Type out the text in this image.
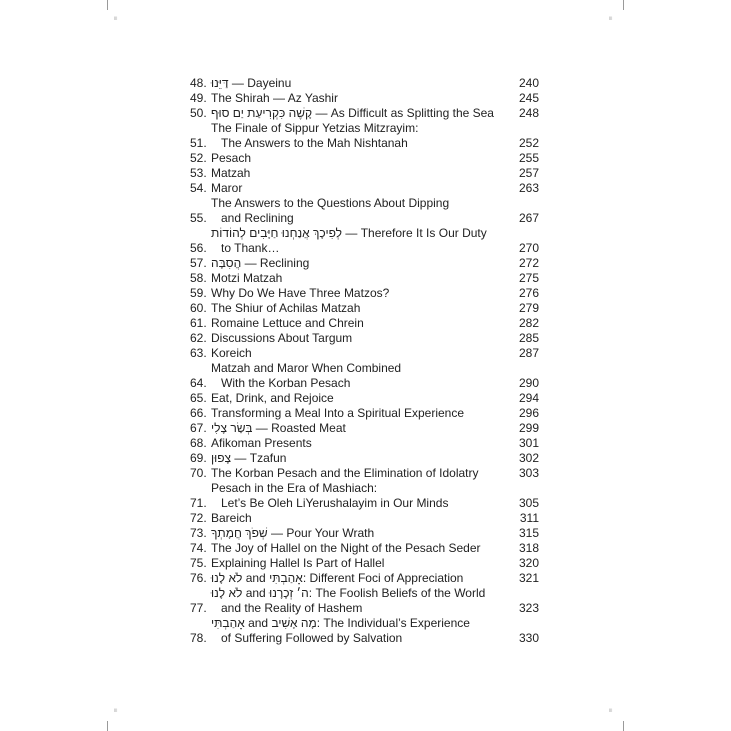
iii	iii
iii	iii
48. דַּיֵּנוּ — Dayeinu	240
49. The Shirah — Az Yashir	245
50. קָשֶׁה כִּקְרִיעַת יַם סוּף — As Difficult as Splitting the Sea	248
51.
The Finale of Sippur Yetzias Mitzrayim:
The Answers to the Mah Nishtanah	252
52. Pesach	255
53. Matzah	257
54. Maror	263
55.
The Answers to the Questions About Dipping
and Reclining	267
56.
לְפִיכָךְ אֲנַחְנוּ חַיָּבִים לְהוֹדוֹת — Therefore It Is Our Duty
to Thank…	270
57. הֲסִבָּה — Reclining	272
58. Motzi Matzah	275
59. Why Do We Have Three Matzos?	276
60. The Shiur of Achilas Matzah	279
61. Romaine Lettuce and Chrein	282
62. Discussions About Targum	285
63. Koreich	287
64.
Matzah and Maror When Combined
With the Korban Pesach	290
65. Eat, Drink, and Rejoice	294
66. Transforming a Meal Into a Spiritual Experience	296
67. בְּשַׂר צָלִי — Roasted Meat	299
68. Afikoman Presents	301
69. צָפוּן — Tzafun	302
70. The Korban Pesach and the Elimination of Idolatry	303
71.
Pesach in the Era of Mashiach:
Let’s Be Oleh LiYerushalayim in Our Minds	305
72. Bareich	311
73. שְׁפֹךְ חֲמָתְךָ — Pour Your Wrath	315
74. The Joy of Hallel on the Night of the Pesach Seder	318
75. Explaining Hallel Is Part of Hallel	320
76. לֹא לָנוּ and אָהַבְתִּי: Different Foci of Appreciation	321
77.
לֹא לָנוּ and ה׳ זְכָרָנוּ: The Foolish Beliefs of the World
and the Reality of Hashem	323
78.
אָהַבְתִּי and מָה אָשִׁיב: The Individual’s Experience
of Suffering Followed by Salvation	330
